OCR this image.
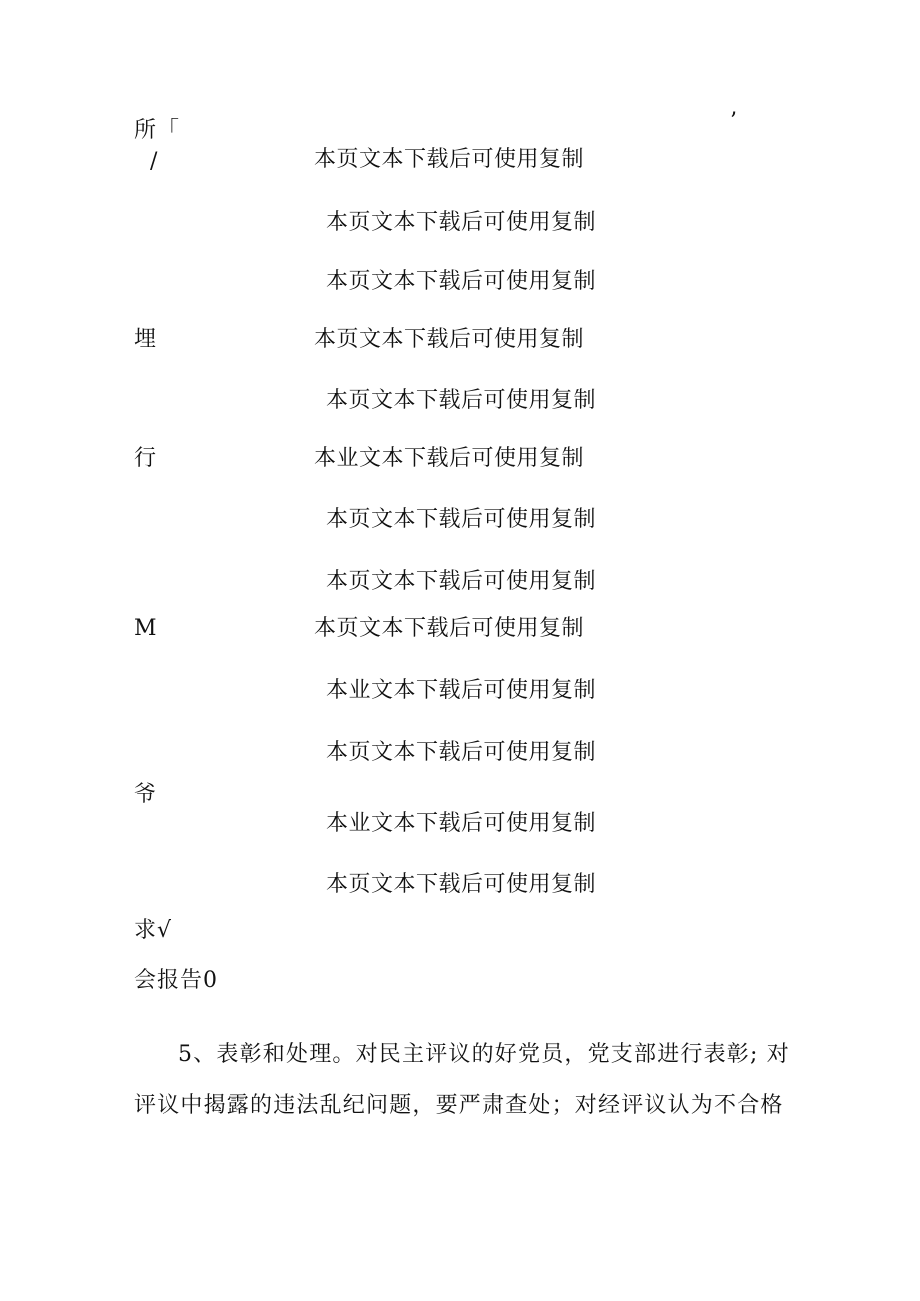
所「	’
/
埋
行
M
爷
求√
会报告0
本页文本下载后可使用复制
本页文本下载后可使用复制
本页文本下载后可使用复制
本页文本下载后可使用复制
本页文本下载后可使用复制
本业文本下载后可使用复制
本页文本下载后可使用复制
本页文本下载后可使用复制
本页文本下载后可使用复制
本业文本下载后可使用复制
本页文本下载后可使用复制
本业文本下载后可使用复制
本页文本下载后可使用复制
5、表彰和处理。对民主评议的好党员，党支部进行表彰; 对
评议中揭露的违法乱纪问题，要严肃查处；对经评议认为不合格
